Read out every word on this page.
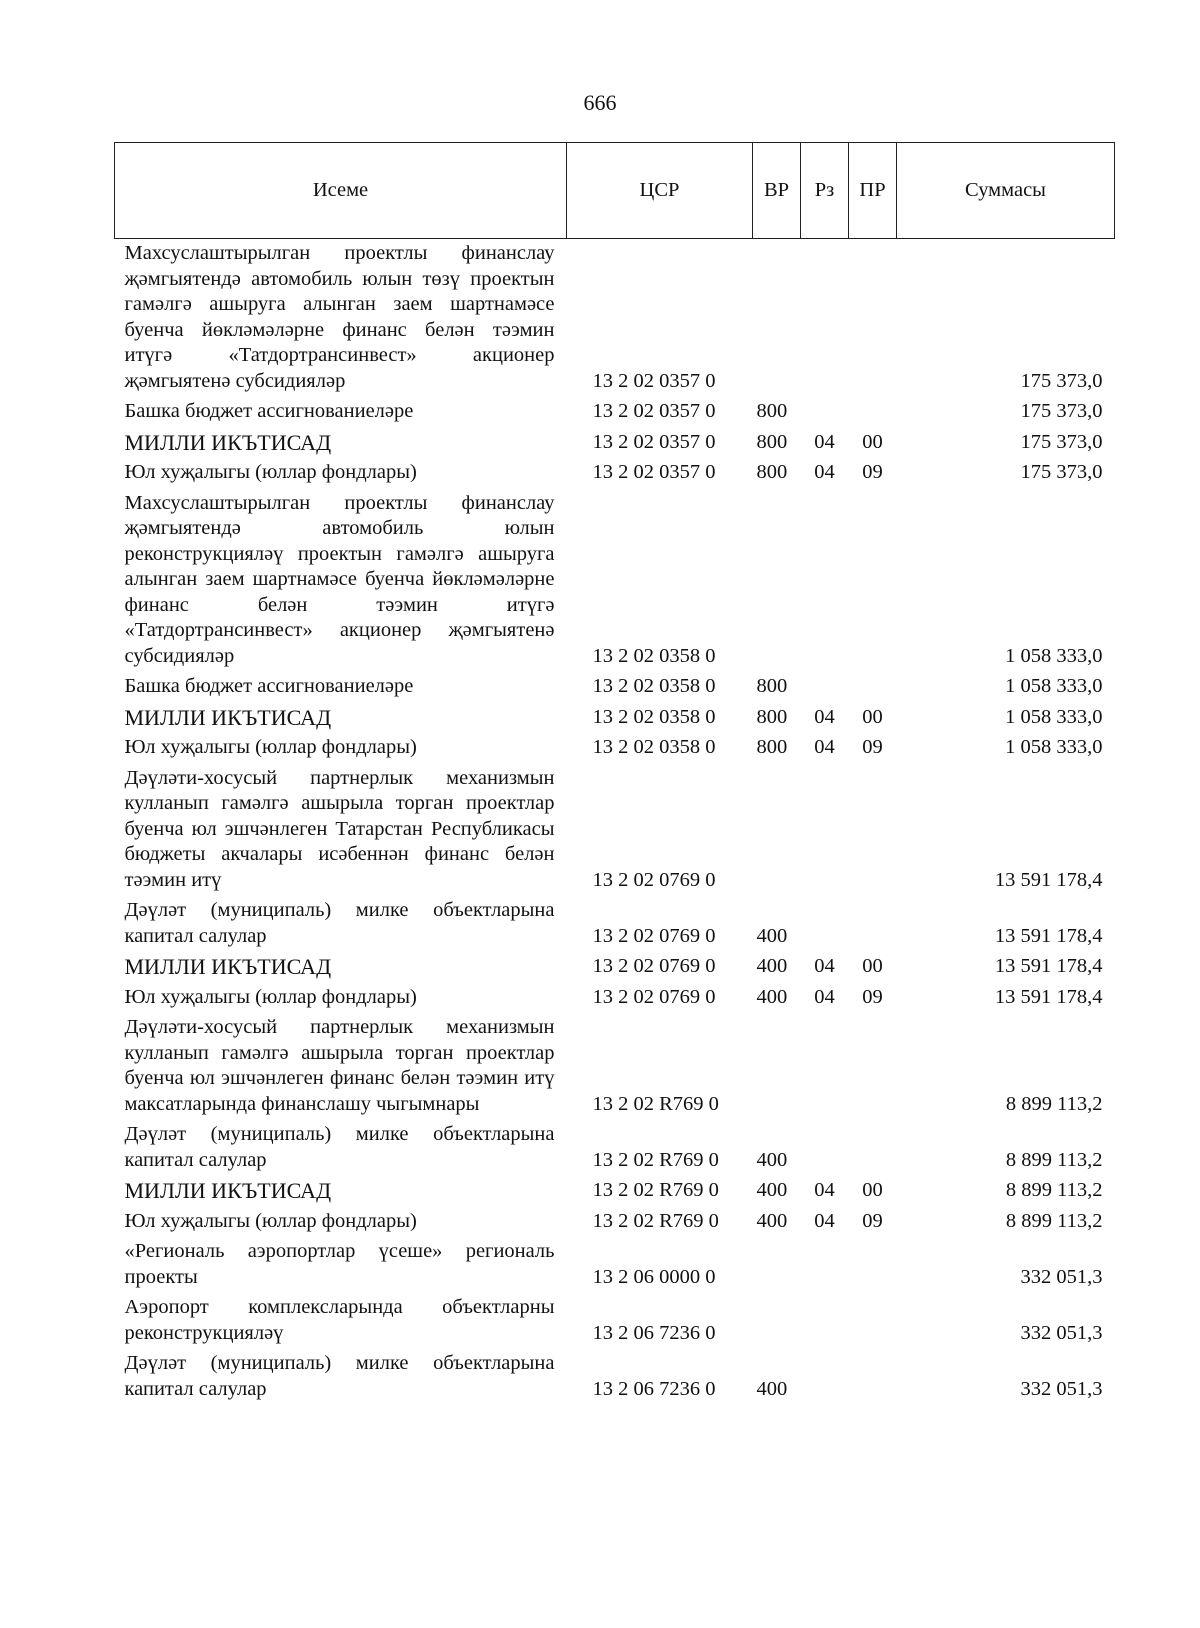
666
Исеме	ЦСР	ВР	Рз	ПР	Суммасы
Махсуслаштырылган проектлы финанслау җәмгыятендә автомобиль юлын төзү проектын гамәлгә ашыруга алынган заем шартнамәсе буенча йөкләмәләрне финанс белән тәэмин итүгә «Татдортрансинвест» акционер җәмгыятенә субсидияләр	13 2 02 0357 0				175 373,0
Башка бюджет ассигнованиеләре	13 2 02 0357 0	800			175 373,0
МИЛЛИ ИКЪТИСАД	13 2 02 0357 0	800	04	00	175 373,0
Юл хуҗалыгы (юллар фондлары)	13 2 02 0357 0	800	04	09	175 373,0
Махсуслаштырылган проектлы финанслау җәмгыятендә автомобиль юлын реконструкцияләү проектын гамәлгә ашыруга алынган заем шартнамәсе буенча йөкләмәләрне финанс белән тәэмин итүгә «Татдортрансинвест» акционер җәмгыятенә субсидияләр	13 2 02 0358 0				1 058 333,0
Башка бюджет ассигнованиеләре	13 2 02 0358 0	800			1 058 333,0
МИЛЛИ ИКЪТИСАД	13 2 02 0358 0	800	04	00	1 058 333,0
Юл хуҗалыгы (юллар фондлары)	13 2 02 0358 0	800	04	09	1 058 333,0
Дәүләти-хосусый партнерлык механизмын кулланып гамәлгә ашырыла торган проектлар буенча юл эшчәнлеген Татарстан Республикасы бюджеты акчалары исәбеннән финанс белән тәэмин итү	13 2 02 0769 0				13 591 178,4
Дәүләт (муниципаль) милке объектларына капитал салулар	13 2 02 0769 0	400			13 591 178,4
МИЛЛИ ИКЪТИСАД	13 2 02 0769 0	400	04	00	13 591 178,4
Юл хуҗалыгы (юллар фондлары)	13 2 02 0769 0	400	04	09	13 591 178,4
Дәүләти-хосусый партнерлык механизмын кулланып гамәлгә ашырыла торган проектлар буенча юл эшчәнлеген финанс белән тәэмин итү максатларында финанслашу чыгымнары	13 2 02 R769 0				8 899 113,2
Дәүләт (муниципаль) милке объектларына капитал салулар	13 2 02 R769 0	400			8 899 113,2
МИЛЛИ ИКЪТИСАД	13 2 02 R769 0	400	04	00	8 899 113,2
Юл хуҗалыгы (юллар фондлары)	13 2 02 R769 0	400	04	09	8 899 113,2
«Региональ аэропортлар үсеше» региональ проекты	13 2 06 0000 0				332 051,3
Аэропорт комплексларында объектларны реконструкцияләү	13 2 06 7236 0				332 051,3
Дәүләт (муниципаль) милке объектларына капитал салулар	13 2 06 7236 0	400			332 051,3
